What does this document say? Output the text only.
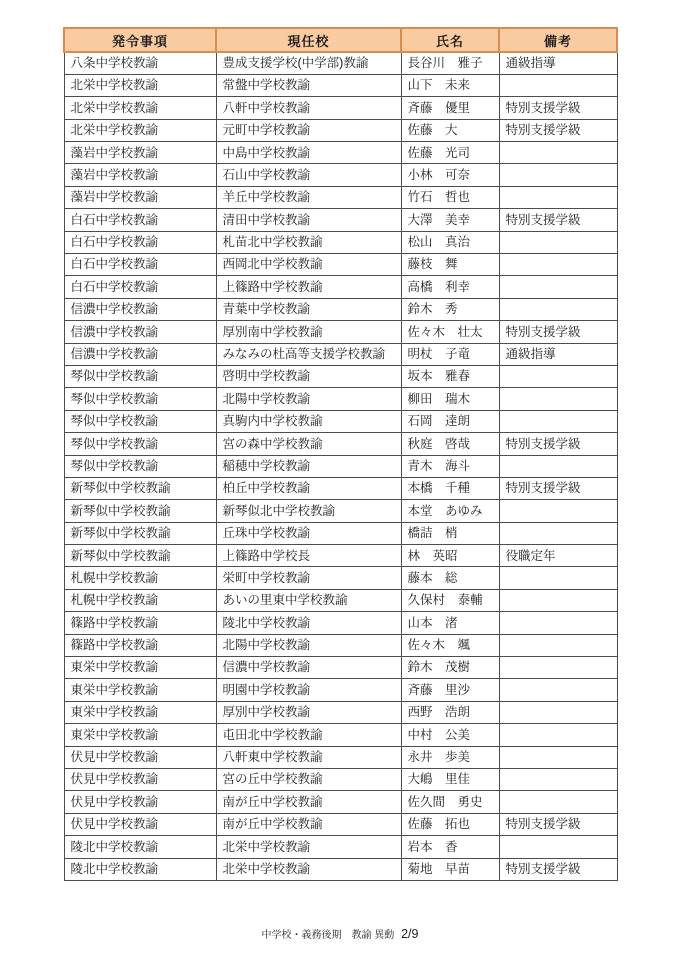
発令事項	現任校	氏名	備考
八条中学校教諭	豊成支援学校(中学部)教諭	長谷川　雅子	通級指導
北栄中学校教諭	常盤中学校教諭	山下　未来	
北栄中学校教諭	八軒中学校教諭	斉藤　優里	特別支援学級
北栄中学校教諭	元町中学校教諭	佐藤　大	特別支援学級
藻岩中学校教諭	中島中学校教諭	佐藤　光司	
藻岩中学校教諭	石山中学校教諭	小林　可奈	
藻岩中学校教諭	羊丘中学校教諭	竹石　哲也	
白石中学校教諭	清田中学校教諭	大澤　美幸	特別支援学級
白石中学校教諭	札苗北中学校教諭	松山　真治	
白石中学校教諭	西岡北中学校教諭	藤枝　舞	
白石中学校教諭	上篠路中学校教諭	高橋　利幸	
信濃中学校教諭	青葉中学校教諭	鈴木　秀	
信濃中学校教諭	厚別南中学校教諭	佐々木　壮太	特別支援学級
信濃中学校教諭	みなみの杜高等支援学校教諭	明杖　子竜	通級指導
琴似中学校教諭	啓明中学校教諭	坂本　雅春	
琴似中学校教諭	北陽中学校教諭	柳田　瑞木	
琴似中学校教諭	真駒内中学校教諭	石岡　達朗	
琴似中学校教諭	宮の森中学校教諭	秋庭　啓哉	特別支援学級
琴似中学校教諭	稲穂中学校教諭	青木　海斗	
新琴似中学校教諭	柏丘中学校教諭	本橋　千種	特別支援学級
新琴似中学校教諭	新琴似北中学校教諭	本堂　あゆみ	
新琴似中学校教諭	丘珠中学校教諭	橋詰　梢	
新琴似中学校教諭	上篠路中学校長	林　英昭	役職定年
札幌中学校教諭	栄町中学校教諭	藤本　総	
札幌中学校教諭	あいの里東中学校教諭	久保村　泰輔	
篠路中学校教諭	陵北中学校教諭	山本　渚	
篠路中学校教諭	北陽中学校教諭	佐々木　颯	
東栄中学校教諭	信濃中学校教諭	鈴木　茂樹	
東栄中学校教諭	明園中学校教諭	斉藤　里沙	
東栄中学校教諭	厚別中学校教諭	西野　浩朗	
東栄中学校教諭	屯田北中学校教諭	中村　公美	
伏見中学校教諭	八軒東中学校教諭	永井　歩美	
伏見中学校教諭	宮の丘中学校教諭	大嶋　里佳	
伏見中学校教諭	南が丘中学校教諭	佐久間　勇史	
伏見中学校教諭	南が丘中学校教諭	佐藤　拓也	特別支援学級
陵北中学校教諭	北栄中学校教諭	岩本　香	
陵北中学校教諭	北栄中学校教諭	菊地　早苗	特別支援学級
中学校・義務後期　教諭 異動 2/9
